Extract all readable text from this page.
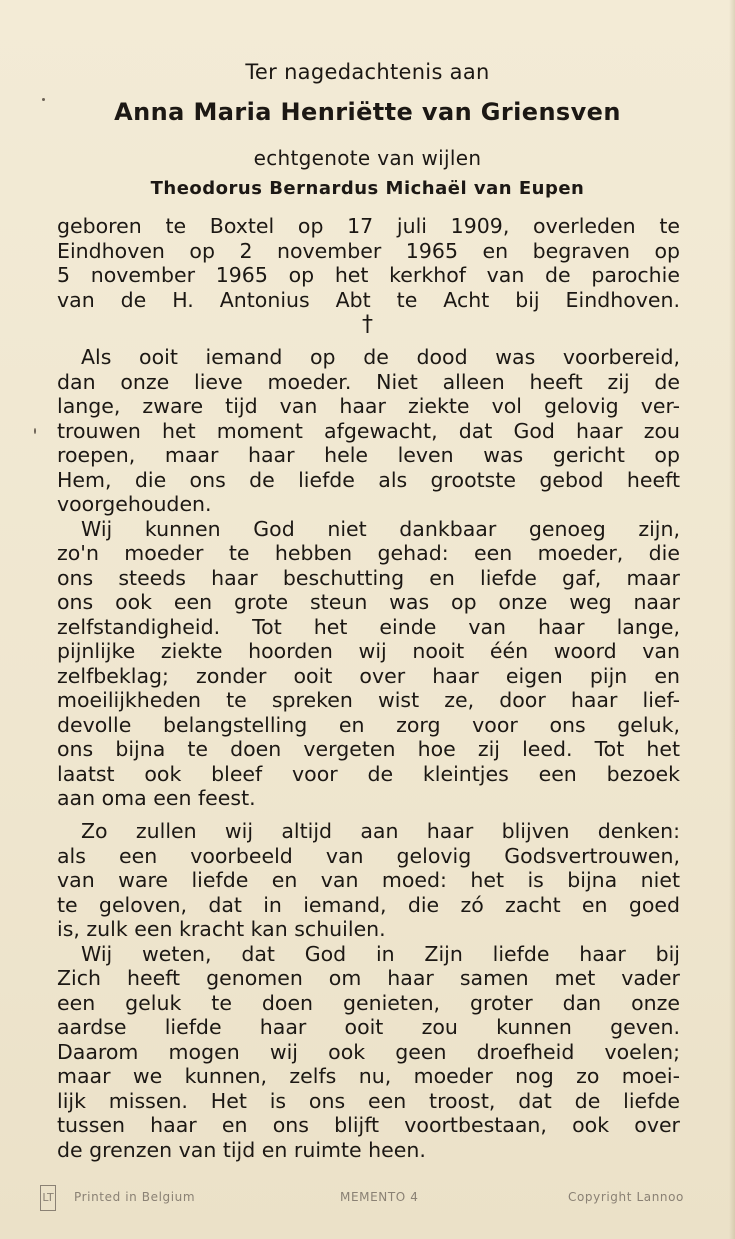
Ter nagedachtenis aan
Anna Maria Henriëtte van Griensven
echtgenote van wijlen
Theodorus Bernardus Michaël van Eupen
geboren te Boxtel op 17 juli 1909, overleden te
Eindhoven op 2 november 1965 en begraven op
5 november 1965 op het kerkhof van de parochie
van de H. Antonius Abt te Acht bij Eindhoven.
†
Als ooit iemand op de dood was voorbereid,
dan onze lieve moeder. Niet alleen heeft zij de
lange, zware tijd van haar ziekte vol gelovig ver-
trouwen het moment afgewacht, dat God haar zou
roepen, maar haar hele leven was gericht op
Hem, die ons de liefde als grootste gebod heeft
voorgehouden.
Wij kunnen God niet dankbaar genoeg zijn,
zo'n moeder te hebben gehad: een moeder, die
ons steeds haar beschutting en liefde gaf, maar
ons ook een grote steun was op onze weg naar
zelfstandigheid. Tot het einde van haar lange,
pijnlijke ziekte hoorden wij nooit één woord van
zelfbeklag; zonder ooit over haar eigen pijn en
moeilijkheden te spreken wist ze, door haar lief-
devolle belangstelling en zorg voor ons geluk,
ons bijna te doen vergeten hoe zij leed. Tot het
laatst ook bleef voor de kleintjes een bezoek
aan oma een feest.
Zo zullen wij altijd aan haar blijven denken:
als een voorbeeld van gelovig Godsvertrouwen,
van ware liefde en van moed: het is bijna niet
te geloven, dat in iemand, die zó zacht en goed
is, zulk een kracht kan schuilen.
Wij weten, dat God in Zijn liefde haar bij
Zich heeft genomen om haar samen met vader
een geluk te doen genieten, groter dan onze
aardse liefde haar ooit zou kunnen geven.
Daarom mogen wij ook geen droefheid voelen;
maar we kunnen, zelfs nu, moeder nog zo moei-
lijk missen. Het is ons een troost, dat de liefde
tussen haar en ons blijft voortbestaan, ook over
de grenzen van tijd en ruimte heen.
LT Printed in Belgium	MEMENTO 4	Copyright Lannoo
